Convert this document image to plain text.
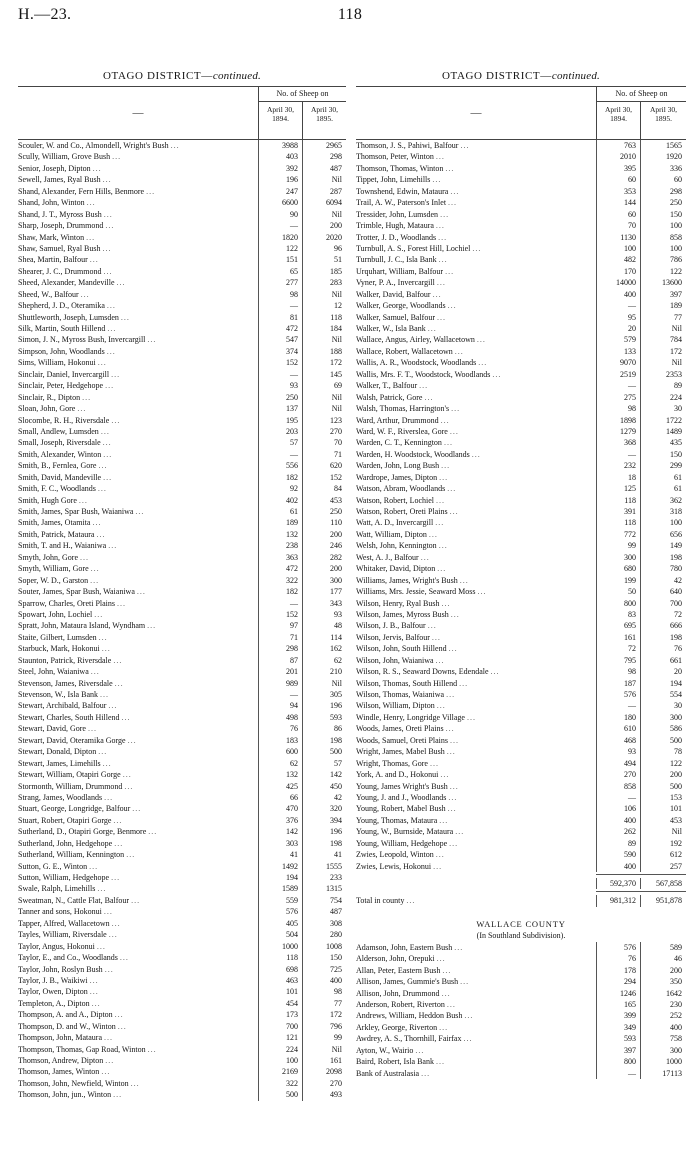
H.—23.	118
OTAGO DISTRICT—continued.
—
No. of Sheep on
April 30,
1894.
April 30,
1895.
Scouler, W. and Co., Almondell, Wright's Bush ...	3988	2965
Scully, William, Grove Bush ...	403	298
Senior, Joseph, Dipton ...	392	487
Sewell, James, Ryal Bush ...	196	Nil
Shand, Alexander, Fern Hills, Benmore ...	247	287
Shand, John, Winton ...	6600	6094
Shand, J. T., Myross Bush ...	90	Nil
Sharp, Joseph, Drummond ...	—	200
Shaw, Mark, Winton ...	1820	2020
Shaw, Samuel, Ryal Bush ...	122	96
Shea, Martin, Balfour ...	151	51
Shearer, J. C., Drummond ...	65	185
Sheed, Alexander, Mandeville ...	277	283
Sheed, W., Balfour ...	98	Nil
Shepherd, J. D., Oteramika ...	—	12
Shuttleworth, Joseph, Lumsden ...	81	118
Silk, Martin, South Hillend ...	472	184
Simon, J. N., Myross Bush, Invercargill ...	547	Nil
Simpson, John, Woodlands ...	374	188
Sims, William, Hokonui ...	152	172
Sinclair, Daniel, Invercargill ...	—	145
Sinclair, Peter, Hedgehope ...	93	69
Sinclair, R., Dipton ...	250	Nil
Sloan, John, Gore ...	137	Nil
Slocombe, R. H., Riversdale ...	195	123
Small, Andlew, Lumsden ...	203	270
Small, Joseph, Riversdale ...	57	70
Smith, Alexander, Winton ...	—	71
Smith, B., Fernlea, Gore ...	556	620
Smith, David, Mandeville ...	182	152
Smith, F. C., Woodlands ...	92	84
Smith, Hugh Gore ...	402	453
Smith, James, Spar Bush, Waianiwa ...	61	250
Smith, James, Otamita ...	189	110
Smith, Patrick, Mataura ...	132	200
Smith, T. and H., Waianiwa ...	238	246
Smyth, John, Gore ...	363	282
Smyth, William, Gore ...	472	200
Soper, W. D., Garston ...	322	300
Souter, James, Spar Bush, Waianiwa ...	182	177
Sparrow, Charles, Oreti Plains ...	—	343
Spowart, John, Lochiel ...	152	93
Spratt, John, Mataura Island, Wyndham ...	97	48
Staite, Gilbert, Lumsden ...	71	114
Starbuck, Mark, Hokonui ...	298	162
Staunton, Patrick, Riversdale ...	87	62
Steel, John, Waianiwa ...	201	210
Stevenson, James, Riversdale ...	989	Nil
Stevenson, W., Isla Bank ...	—	305
Stewart, Archibald, Balfour ...	94	196
Stewart, Charles, South Hillend ...	498	593
Stewart, David, Gore ...	76	86
Stewart, David, Oteramika Gorge ...	183	198
Stewart, Donald, Dipton ...	600	500
Stewart, James, Limehills ...	62	57
Stewart, William, Otapiri Gorge ...	132	142
Stormonth, William, Drummond ...	425	450
Strang, James, Woodlands ...	66	42
Stuart, George, Longridge, Balfour ...	470	320
Stuart, Robert, Otapiri Gorge ...	376	394
Sutherland, D., Otapiri Gorge, Benmore ...	142	196
Sutherland, John, Hedgehope ...	303	198
Sutherland, William, Kennington ...	41	41
Sutton, G. E., Winton ...	1492	1555
Sutton, William, Hedgehope ...	194	233
Swale, Ralph, Limehills ...	1589	1315
Sweatman, N., Cattle Flat, Balfour ...	559	754
Tanner and sons, Hokonui ...	576	487
Tapper, Alfred, Wallacetown ...	405	308
Tayles, William, Riversdale ...	504	280
Taylor, Angus, Hokonui ...	1000	1008
Taylor, E., and Co., Woodlands ...	118	150
Taylor, John, Roslyn Bush ...	698	725
Taylor, J. B., Waikiwi ...	463	400
Taylor, Owen, Dipton ...	101	98
Templeton, A., Dipton ...	454	77
Thompson, A. and A., Dipton ...	173	172
Thompson, D. and W., Winton ...	700	796
Thompson, John, Mataura ...	121	99
Thompson, Thomas, Gap Road, Winton ...	224	Nil
Thomson, Andrew, Dipton ...	100	161
Thomson, James, Winton ...	2169	2098
Thomson, John, Newfield, Winton ...	322	270
Thomson, John, jun., Winton ...	500	493
OTAGO DISTRICT—continued.
—
No. of Sheep on
April 30,
1894.
April 30,
1895.
Thomson, J. S., Pahiwi, Balfour ...	763	1565
Thomson, Peter, Winton ...	2010	1920
Thomson, Thomas, Winton ...	395	336
Tippet, John, Limehills ...	60	60
Townshend, Edwin, Mataura ...	353	298
Trail, A. W., Paterson's Inlet ...	144	250
Tressider, John, Lumsden ...	60	150
Trimble, Hugh, Mataura ...	70	100
Trotter, J. D., Woodlands ...	1130	858
Turnbull, A. S., Forest Hill, Lochiel ...	100	100
Turnbull, J. C., Isla Bank ...	482	786
Urquhart, William, Balfour ...	170	122
Vyner, P. A., Invercargill ...	14000	13600
Walker, David, Balfour ...	400	397
Walker, George, Woodlands ...	—	189
Walker, Samuel, Balfour ...	95	77
Walker, W., Isla Bank ...	20	Nil
Wallace, Angus, Airley, Wallacetown ...	579	784
Wallace, Robert, Wallacetown ...	133	172
Wallis, A. R., Woodstock, Woodlands ...	9070	Nil
Wallis, Mrs. F. T., Woodstock, Woodlands ...	2519	2353
Walker, T., Balfour ...	—	89
Walsh, Patrick, Gore ...	275	224
Walsh, Thomas, Harrington's ...	98	30
Ward, Arthur, Drummond ...	1898	1722
Ward, W. F., Riverslea, Gore ...	1279	1489
Warden, C. T., Kennington ...	368	435
Warden, H. Woodstock, Woodlands ...	—	150
Warden, John, Long Bush ...	232	299
Wardrope, James, Dipton ...	18	61
Watson, Abram, Woodlands ...	125	61
Watson, Robert, Lochiel ...	118	362
Watson, Robert, Oreti Plains ...	391	318
Watt, A. D., Invercargill ...	118	100
Watt, William, Dipton ...	772	656
Welsh, John, Kennington ...	99	149
West, A. J., Balfour ...	300	198
Whitaker, David, Dipton ...	680	780
Williams, James, Wright's Bush ...	199	42
Williams, Mrs. Jessie, Seaward Moss ...	50	640
Wilson, Henry, Ryal Bush ...	800	700
Wilson, James, Myross Bush ...	83	72
Wilson, J. B., Balfour ...	695	666
Wilson, Jervis, Balfour ...	161	198
Wilson, John, South Hillend ...	72	76
Wilson, John, Waianiwa ...	795	661
Wilson, R. S., Seaward Downs, Edendale ...	98	20
Wilson, Thomas, South Hillend ...	187	194
Wilson, Thomas, Waianiwa ...	576	554
Wilson, William, Dipton ...	—	30
Windle, Henry, Longridge Village ...	180	300
Woods, James, Oreti Plains ...	610	586
Woods, Samuel, Oreti Plains ...	468	500
Wright, James, Mabel Bush ...	93	78
Wright, Thomas, Gore ...	494	122
York, A. and D., Hokonui ...	270	200
Young, James Wright's Bush ...	858	500
Young, J. and J., Woodlands ...	—	153
Young, Robert, Mabel Bush ...	106	101
Young, Thomas, Mataura ...	400	453
Young, W., Burnside, Mataura ...	262	Nil
Young, William, Hedgehope ...	89	192
Zwies, Leopold, Winton ...	590	612
Zwies, Lewis, Hokonui ...	400	257
592,370	567,858
Total in county ...	981,312	951,878
WALLACE COUNTY
(In Southland Subdivision).
Adamson, John, Eastern Bush ...	576	589
Alderson, John, Orepuki ...	76	46
Allan, Peter, Eastern Bush ...	178	200
Allison, James, Gummie's Bush ...	294	350
Allison, John, Drummond ...	1246	1642
Anderson, Robert, Riverton ...	165	230
Andrews, William, Heddon Bush ...	399	252
Arkley, George, Riverton ...	349	400
Awdrey, A. S., Thornhill, Fairfax ...	593	758
Ayton, W., Wairio ...	397	300
Baird, Robert, Isla Bank ...	800	1000
Bank of Australasia ...	—	17113
